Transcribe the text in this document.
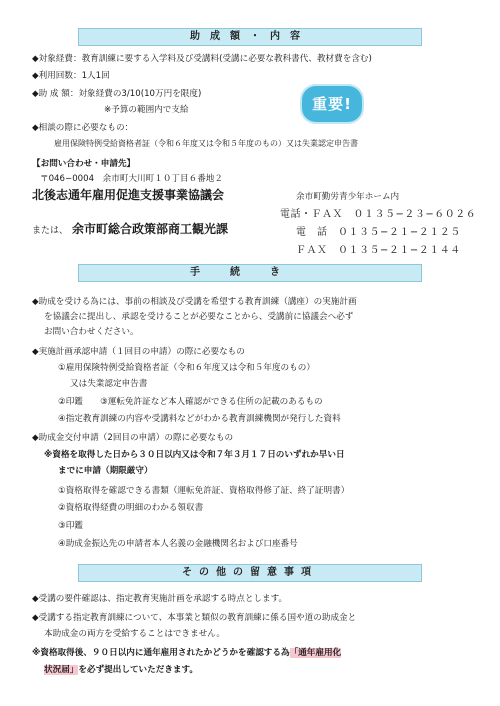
助成額・内容
◆対象経費：教育訓練に要する入学料及び受講料(受講に必要な教科書代、教材費を含む)
◆利用回数：1人1回
◆助 成 額：対象経費の3/10(10万円を限度)
※予算の範囲内で支給
◆相談の際に必要なもの：
雇用保険特例受給資格者証（令和６年度又は令和５年度のもの）又は失業認定申告書
重要!
【お問い合わせ・申請先】
〒046−0004　余市町大川町１０丁目６番地２
北後志通年雇用促進支援事業協議会	余市町勤労青少年ホーム内
電話・ＦＡＸ　０１３５−２３−６０２６
または、 余市町総合政策部商工観光課	電　話　０１３５−２１−２１２５
ＦＡＸ　０１３５−２１−２１４４
手続き
◆助成を受ける為には、事前の相談及び受講を希望する教育訓練（講座）の実施計画
を協議会に提出し、承認を受けることが必要なことから、受講前に協議会へ必ず
お問い合わせください。
◆実施計画承認申請（１回目の申請）の際に必要なもの
①雇用保険特例受給資格者証（令和６年度又は令和５年度のもの）
又は失業認定申告書
②印鑑　　③運転免許証など本人確認ができる住所の記載のあるもの
④指定教育訓練の内容や受講料などがわかる教育訓練機関が発行した資料
◆助成金交付申請（2回目の申請）の際に必要なもの
※資格を取得した日から３０日以内又は令和７年３月１７日のいずれか早い日
までに申請（期限厳守）
①資格取得を確認できる書類（運転免許証、資格取得修了証、終了証明書）
②資格取得経費の明細のわかる領収書
③印鑑
④助成金振込先の申請者本人名義の金融機関名および口座番号
その他の留意事項
◆受講の要件確認は、指定教育実施計画を承認する時点とします。
◆受講する指定教育訓練について、本事業と類似の教育訓練に係る国や道の助成金と
本助成金の両方を受給することはできません。
※資格取得後、９０日以内に通年雇用されたかどうかを確認する為「通年雇用化
状況届」を必ず提出していただきます。
